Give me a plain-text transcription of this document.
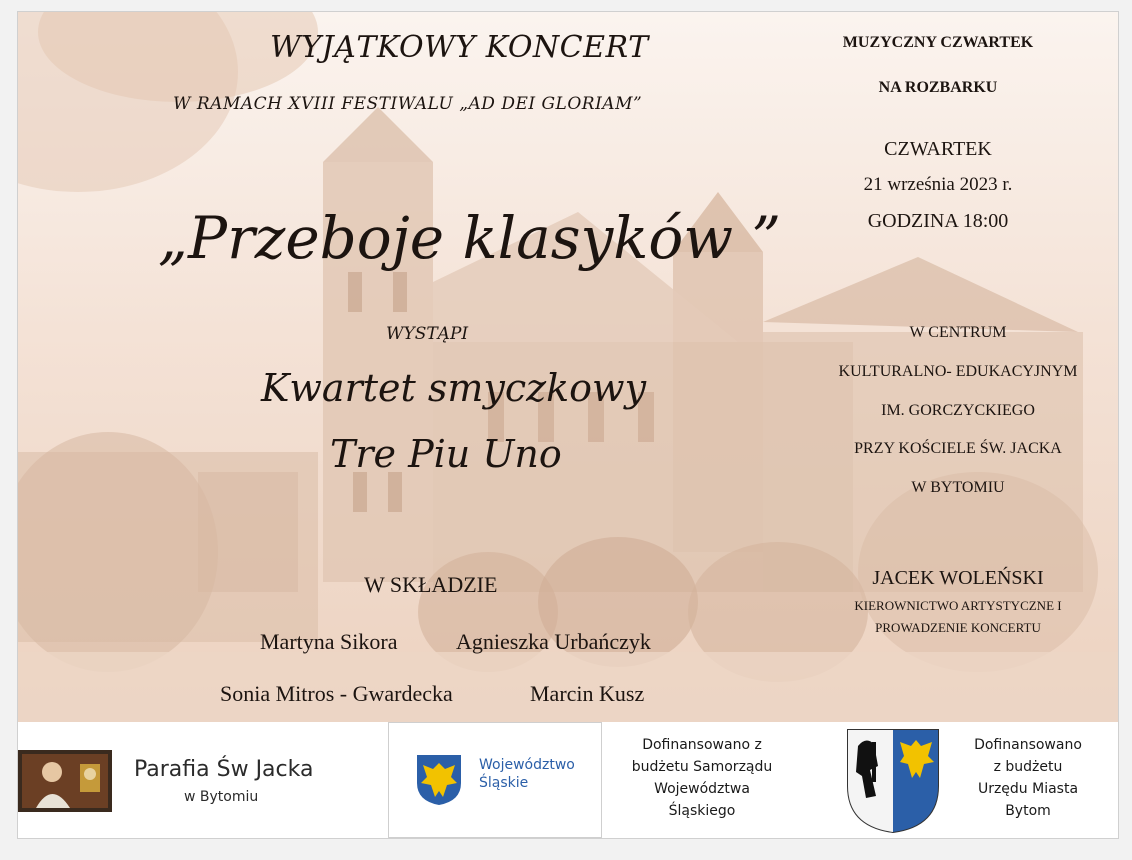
WYJĄTKOWY KONCERT
W RAMACH XVIII FESTIWALU „AD DEI GLORIAM”
„Przeboje klasyków ”
WYSTĄPI
Kwartet smyczkowy
Tre Piu Uno
W SKŁADZIE
Martyna Sikora	Agnieszka Urbańczyk
Sonia Mitros - Gwardecka	Marcin Kusz
MUZYCZNY CZWARTEK
NA ROZBARKU
CZWARTEK
21 września 2023 r.
GODZINA 18:00
W CENTRUM
KULTURALNO- EDUKACYJNYM
IM. GORCZYCKIEGO
PRZY KOŚCIELE ŚW. JACKA
W BYTOMIU
JACEK WOLEŃSKI
KIEROWNICTWO ARTYSTYCZNE I
PROWADZENIE KONCERTU
Parafia Św Jacka
w Bytomiu
Województwo
Śląskie
Dofinansowano z
budżetu Samorządu
Województwa
Śląskiego
Dofinansowano
z budżetu
Urzędu Miasta
Bytom
